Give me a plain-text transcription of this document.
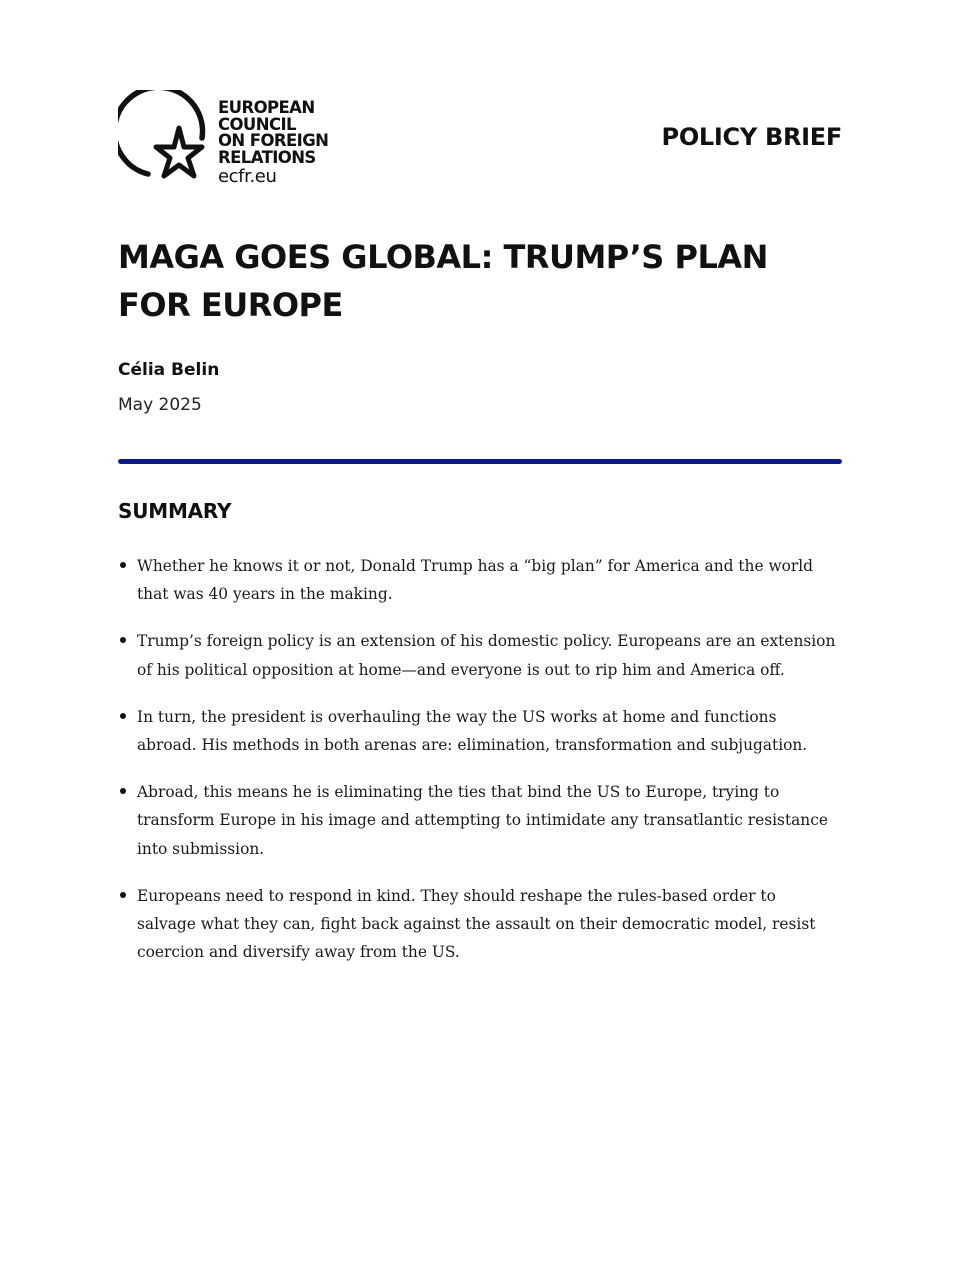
EUROPEAN
COUNCIL
ON FOREIGN
RELATIONS
ecfr.eu
POLICY BRIEF
MAGA GOES GLOBAL: TRUMP’S PLAN FOR EUROPE
Célia Belin
May 2025
SUMMARY
Whether he knows it or not, Donald Trump has a “big plan” for America and the world that was 40 years in the making.
Trump’s foreign policy is an extension of his domestic policy. Europeans are an extension of his political opposition at home—and everyone is out to rip him and America off.
In turn, the president is overhauling the way the US works at home and functions abroad. His methods in both arenas are: elimination, transformation and subjugation.
Abroad, this means he is eliminating the ties that bind the US to Europe, trying to transform Europe in his image and attempting to intimidate any transatlantic resistance into submission.
Europeans need to respond in kind. They should reshape the rules-based order to salvage what they can, fight back against the assault on their democratic model, resist coercion and diversify away from the US.
